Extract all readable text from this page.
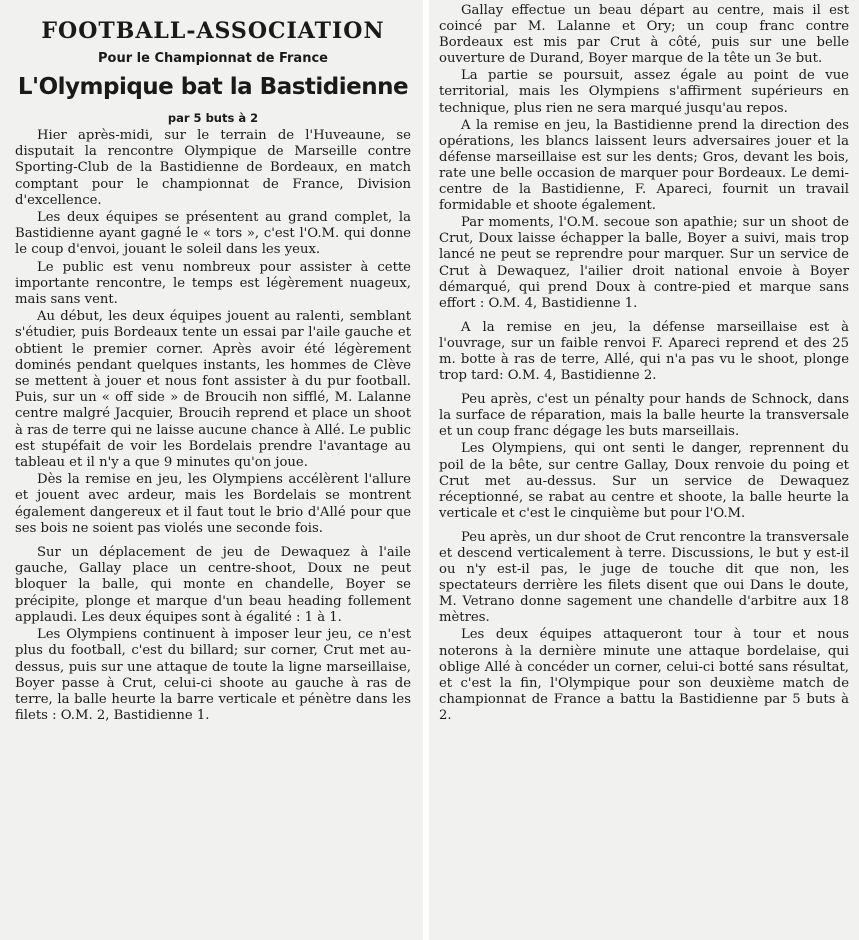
FOOTBALL-ASSOCIATION
Pour le Championnat de France
L'Olympique bat la Bastidienne
par 5 buts à 2

Hier après-midi, sur le terrain de l'Huveaune, se disputait la rencontre Olympique de Marseille contre Sporting-Club de la Bastidienne de Bordeaux, en match comptant pour le championnat de France, Division d'excellence.

Les deux équipes se présentent au grand complet, la Bastidienne ayant gagné le « tors », c'est l'O.M. qui donne le coup d'envoi, jouant le soleil dans les yeux.

Le public est venu nombreux pour assister à cette importante rencontre, le temps est légèrement nuageux, mais sans vent.

Au début, les deux équipes jouent au ralenti, semblant s'étudier, puis Bordeaux tente un essai par l'aile gauche et obtient le premier corner. Après avoir été légèrement dominés pendant quelques instants, les hommes de Clève se mettent à jouer et nous font assister à du pur football. Puis, sur un « off side » de Broucih non sifflé, M. Lalanne centre malgré Jacquier, Broucih reprend et place un shoot à ras de terre qui ne laisse aucune chance à Allé. Le public est stupéfait de voir les Bordelais prendre l'avantage au tableau et il n'y a que 9 minutes qu'on joue.

Dès la remise en jeu, les Olympiens accélèrent l'allure et jouent avec ardeur, mais les Bordelais se montrent également dangereux et il faut tout le brio d'Allé pour que ses bois ne soient pas violés une seconde fois.

Sur un déplacement de jeu de Dewaquez à l'aile gauche, Gallay place un centre-shoot, Doux ne peut bloquer la balle, qui monte en chandelle, Boyer se précipite, plonge et marque d'un beau heading follement applaudi. Les deux équipes sont à égalité : 1 à 1.

Les Olympiens continuent à imposer leur jeu, ce n'est plus du football, c'est du billard; sur corner, Crut met au-dessus, puis sur une attaque de toute la ligne marseillaise, Boyer passe à Crut, celui-ci shoote au gauche à ras de terre, la balle heurte la barre verticale et pénètre dans les filets : O.M. 2, Bastidienne 1.

Gallay effectue un beau départ au centre, mais il est coincé par M. Lalanne et Ory; un coup franc contre Bordeaux est mis par Crut à côté, puis sur une belle ouverture de Durand, Boyer marque de la tête un 3e but.

La partie se poursuit, assez égale au point de vue territorial, mais les Olympiens s'affirment supérieurs en technique, plus rien ne sera marqué jusqu'au repos.

A la remise en jeu, la Bastidienne prend la direction des opérations, les blancs laissent leurs adversaires jouer et la défense marseillaise est sur les dents; Gros, devant les bois, rate une belle occasion de marquer pour Bordeaux. Le demi-centre de la Bastidienne, F. Apareci, fournit un travail formidable et shoote également.

Par moments, l'O.M. secoue son apathie; sur un shoot de Crut, Doux laisse échapper la balle, Boyer a suivi, mais trop lancé ne peut se reprendre pour marquer. Sur un service de Crut à Dewaquez, l'ailier droit national envoie à Boyer démarqué, qui prend Doux à contre-pied et marque sans effort : O.M. 4, Bastidienne 1.

A la remise en jeu, la défense marseillaise est à l'ouvrage, sur un faible renvoi F. Apareci reprend et des 25 m. botte à ras de terre, Allé, qui n'a pas vu le shoot, plonge trop tard: O.M. 4, Bastidienne 2.

Peu après, c'est un pénalty pour hands de Schnock, dans la surface de réparation, mais la balle heurte la transversale et un coup franc dégage les buts marseillais.

Les Olympiens, qui ont senti le danger, reprennent du poil de la bête, sur centre Gallay, Doux renvoie du poing et Crut met au-dessus. Sur un service de Dewaquez réceptionné, se rabat au centre et shoote, la balle heurte la verticale et c'est le cinquième but pour l'O.M.

Peu après, un dur shoot de Crut rencontre la transversale et descend verticalement à terre. Discussions, le but y est-il ou n'y est-il pas, le juge de touche dit que non, les spectateurs derrière les filets disent que oui Dans le doute, M. Vetrano donne sagement une chandelle d'arbitre aux 18 mètres.

Les deux équipes attaqueront tour à tour et nous noterons à la dernière minute une attaque bordelaise, qui oblige Allé à concéder un corner, celui-ci botté sans résultat, et c'est la fin, l'Olympique pour son deuxième match de championnat de France a battu la Bastidienne par 5 buts à 2.
